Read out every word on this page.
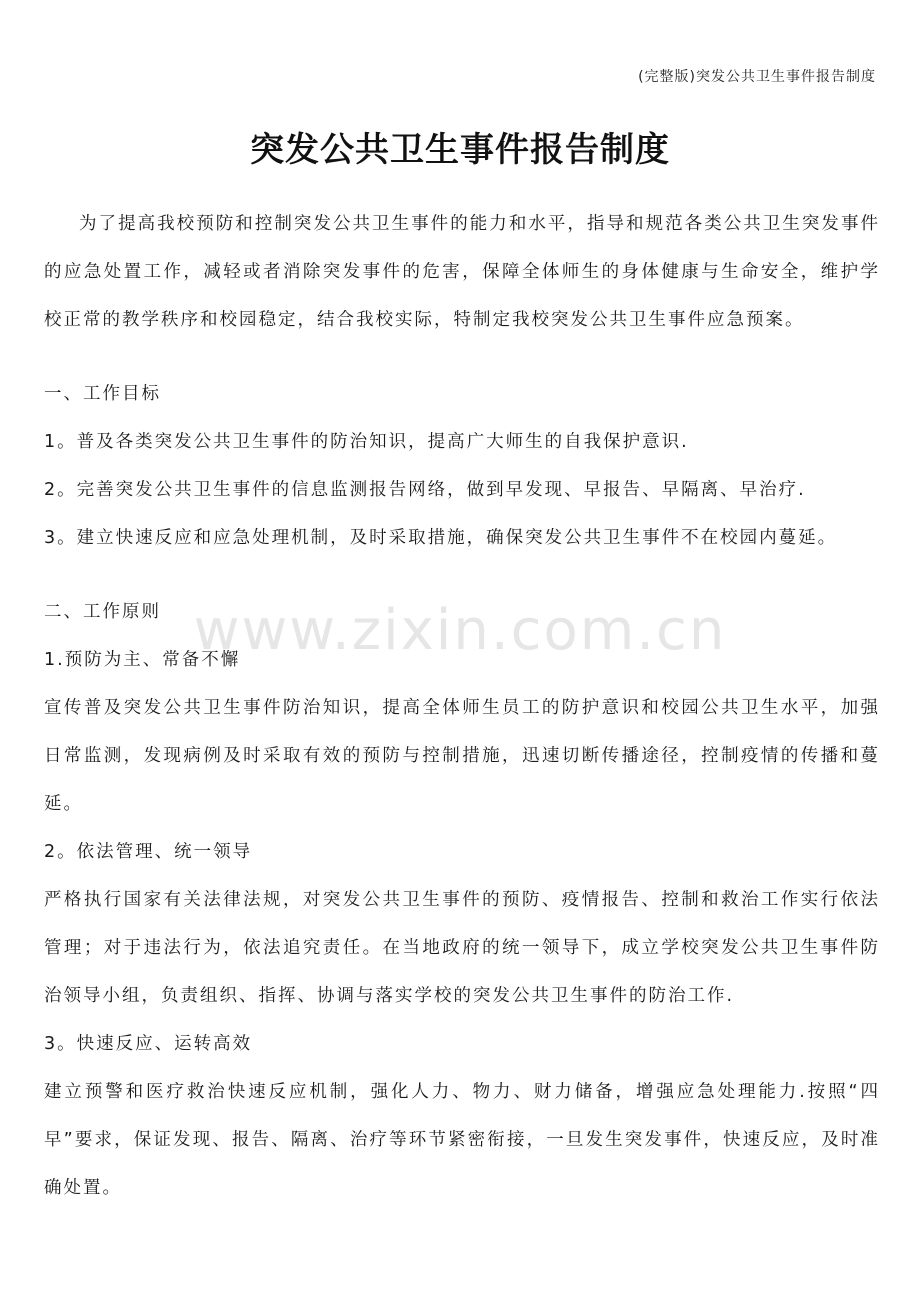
(完整版)突发公共卫生事件报告制度
突发公共卫生事件报告制度
www.zixin.com.cn

为了提高我校预防和控制突发公共卫生事件的能力和水平，指导和规范各类公共卫生突发事件的应急处置工作，减轻或者消除突发事件的危害，保障全体师生的身体健康与生命安全，维护学校正常的教学秩序和校园稳定，结合我校实际，特制定我校突发公共卫生事件应急预案。

一、工作目标

1。普及各类突发公共卫生事件的防治知识，提高广大师生的自我保护意识.

2。完善突发公共卫生事件的信息监测报告网络，做到早发现、早报告、早隔离、早治疗.

3。建立快速反应和应急处理机制，及时采取措施，确保突发公共卫生事件不在校园内蔓延。

二、工作原则

1.预防为主、常备不懈

宣传普及突发公共卫生事件防治知识，提高全体师生员工的防护意识和校园公共卫生水平，加强日常监测，发现病例及时采取有效的预防与控制措施，迅速切断传播途径，控制疫情的传播和蔓延。

2。依法管理、统一领导

严格执行国家有关法律法规，对突发公共卫生事件的预防、疫情报告、控制和救治工作实行依法管理；对于违法行为，依法追究责任。在当地政府的统一领导下，成立学校突发公共卫生事件防治领导小组，负责组织、指挥、协调与落实学校的突发公共卫生事件的防治工作.

3。快速反应、运转高效

建立预警和医疗救治快速反应机制，强化人力、物力、财力储备，增强应急处理能力.按照“四早”要求，保证发现、报告、隔离、治疗等环节紧密衔接，一旦发生突发事件，快速反应，及时准确处置。
